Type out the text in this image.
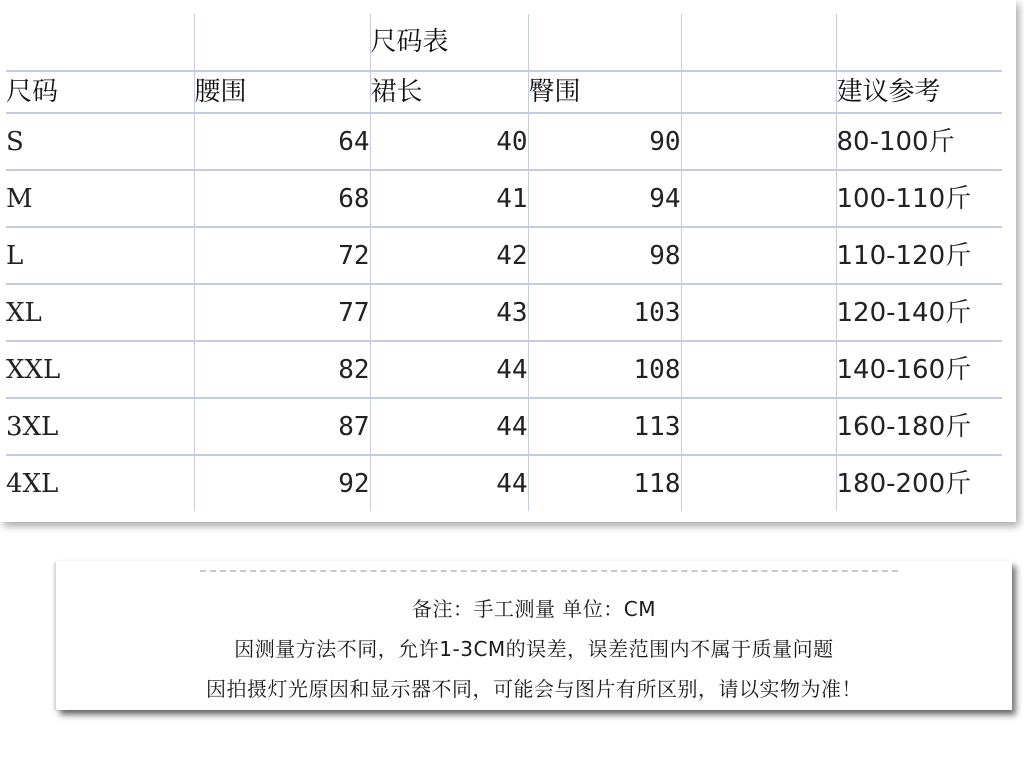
		尺码表			
尺码	腰围	裙长	臀围		建议参考
S	64	40	90		80-100斤
M	68	41	94		100-110斤
L	72	42	98		110-120斤
XL	77	43	103		120-140斤
XXL	82	44	108		140-160斤
3XL	87	44	113		160-180斤
4XL	92	44	118		180-200斤
备注：手工测量 单位：CM
因测量方法不同，允许1-3CM的误差，误差范围内不属于质量问题
因拍摄灯光原因和显示器不同，可能会与图片有所区别，请以实物为准！
